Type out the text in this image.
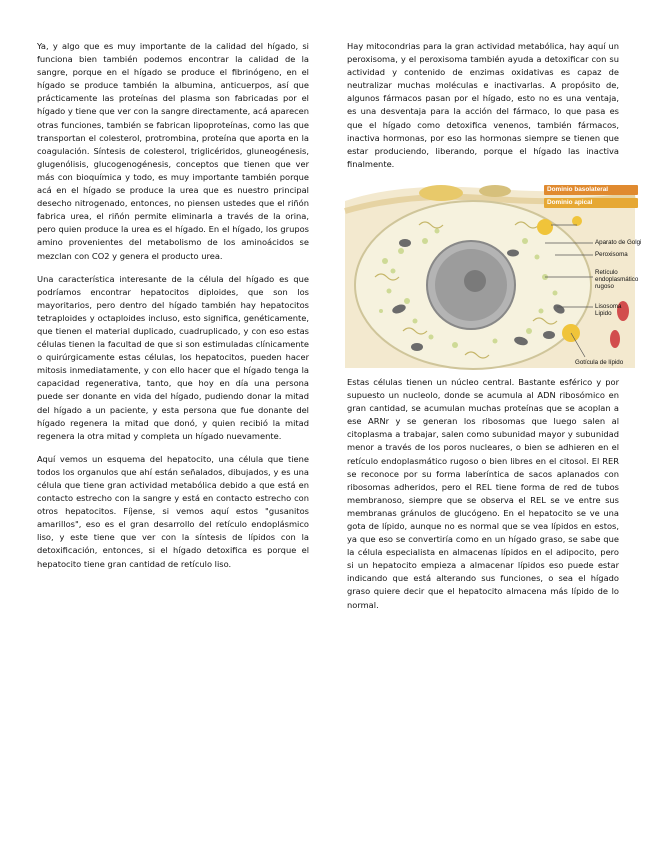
Ya, y algo que es muy importante de la calidad del hígado, si funciona bien también podemos encontrar la calidad de la sangre, porque en el hígado se produce el fibrinógeno, en el hígado se produce también la albumina, anticuerpos, así que prácticamente las proteínas del plasma son fabricadas por el hígado y tiene que ver con la sangre directamente, acá aparecen otras funciones, también se fabrican lipoproteínas, como las que transportan el colesterol, protrombina, proteína que aporta en la coagulación. Síntesis de colesterol, triglicéridos, gluneogénesis, glugenólisis, glucogenogénesis, conceptos que tienen que ver más con bioquímica y todo, es muy importante también porque acá en el hígado se produce la urea que es nuestro principal desecho nitrogenado, entonces, no piensen ustedes que el riñón fabrica urea, el riñón permite eliminarla a través de la orina, pero quien produce la urea es el hígado. En el hígado, los grupos amino provenientes del metabolismo de los aminoácidos se mezclan con CO2 y genera el producto urea.

Una característica interesante de la célula del hígado es que podríamos encontrar hepatocitos diploides, que son los mayoritarios, pero dentro del hígado también hay hepatocitos tetraploides y octaploides incluso, esto significa, genéticamente, que tienen el material duplicado, cuadruplicado, y con eso estas células tienen la facultad de que si son estimuladas clínicamente o quirúrgicamente estas células, los hepatocitos, pueden hacer mitosis inmediatamente, y con ello hacer que el hígado tenga la capacidad regenerativa, tanto, que hoy en día una persona puede ser donante en vida del hígado, pudiendo donar la mitad del hígado a un paciente, y esta persona que fue donante del hígado regenera la mitad que donó, y quien recibió la mitad regenera la otra mitad y completa un hígado nuevamente.

Aquí vemos un esquema del hepatocito, una célula que tiene todos los organulos que ahí están señalados, dibujados, y es una célula que tiene gran actividad metabólica debido a que está en contacto estrecho con la sangre y está en contacto estrecho con otros hepatocitos. Fíjense, si vemos aquí estos "gusanitos amarillos", eso es el gran desarrollo del retículo endoplásmico liso, y este tiene que ver con la síntesis de lípidos con la detoxificación, entonces, si el hígado detoxifica es porque el hepatocito tiene gran cantidad de retículo liso.

Hay mitocondrias para la gran actividad metabólica, hay aquí un peroxisoma, y el peroxisoma también ayuda a detoxificar con su actividad y contenido de enzimas oxidativas es capaz de neutralizar muchas moléculas e inactivarlas. A propósito de, algunos fármacos pasan por el hígado, esto no es una ventaja, es una desventaja para la acción del fármaco, lo que pasa es que el hígado como detoxifica venenos, también fármacos, inactiva hormonas, por eso las hormonas siempre se tienen que estar produciendo, liberando, porque el hígado las inactiva finalmente.

Dominio basolateral
Dominio apical
Aparato de Golgi
Peroxisoma
Retículo
endoplasmático
rugoso
Lisosoma
Lipido
Gotícula de lípido

Estas células tienen un núcleo central. Bastante esférico y por supuesto un nucleolo, donde se acumula al ADN ribosómico en gran cantidad, se acumulan muchas proteínas que se acoplan a ese ARNr y se generan los ribosomas que luego salen al citoplasma a trabajar, salen como subunidad mayor y subunidad menor a través de los poros nucleares, o bien se adhieren en el retículo endoplasmático rugoso o bien libres en el citosol. El RER se reconoce por su forma laberíntica de sacos aplanados con ribosomas adheridos, pero el REL tiene forma de red de tubos membranoso, siempre que se observa el REL se ve entre sus membranas gránulos de glucógeno. En el hepatocito se ve una gota de lípido, aunque no es normal que se vea lípidos en estos, ya que eso se convertiría como en un hígado graso, se sabe que la célula especialista en almacenas lípidos en el adipocito, pero si un hepatocito empieza a almacenar lípidos eso puede estar indicando que está alterando sus funciones, o sea el hígado graso quiere decir que el hepatocito almacena más lípido de lo normal.
